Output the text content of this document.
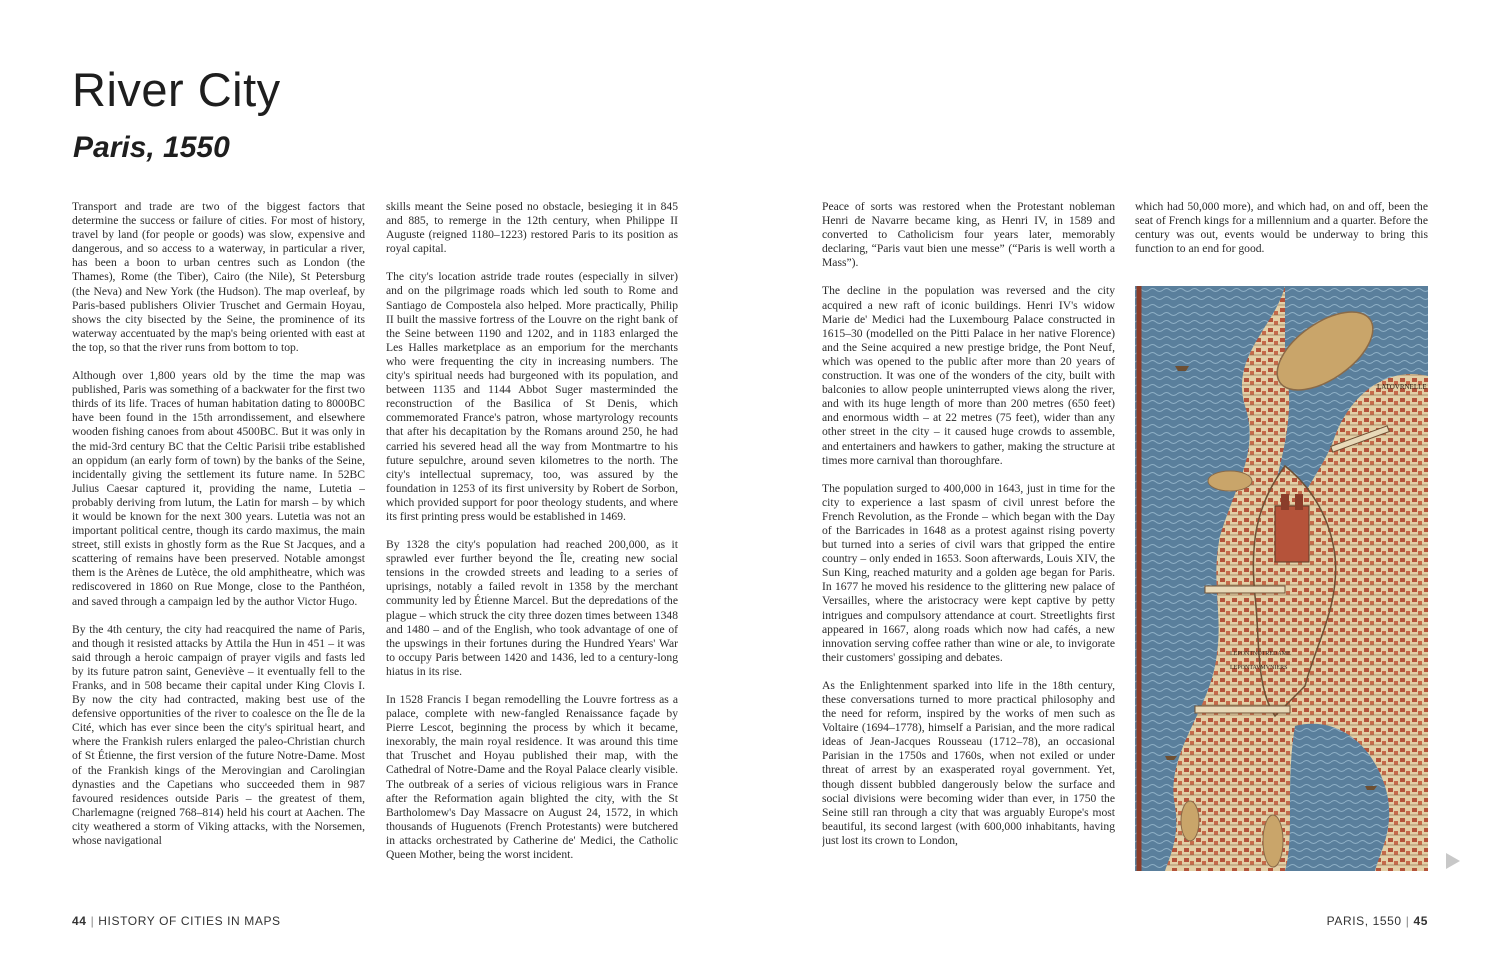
River City
Paris, 1550

Transport and trade are two of the biggest factors that determine the success or failure of cities. For most of history, travel by land (for people or goods) was slow, expensive and dangerous, and so access to a waterway, in particular a river, has been a boon to urban centres such as London (the Thames), Rome (the Tiber), Cairo (the Nile), St Petersburg (the Neva) and New York (the Hudson). The map overleaf, by Paris-based publishers Olivier Truschet and Germain Hoyau, shows the city bisected by the Seine, the prominence of its waterway accentuated by the map's being oriented with east at the top, so that the river runs from bottom to top.

Although over 1,800 years old by the time the map was published, Paris was something of a backwater for the first two thirds of its life. Traces of human habitation dating to 8000BC have been found in the 15th arrondissement, and elsewhere wooden fishing canoes from about 4500BC. But it was only in the mid-3rd century BC that the Celtic Parisii tribe established an oppidum (an early form of town) by the banks of the Seine, incidentally giving the settlement its future name. In 52BC Julius Caesar captured it, providing the name, Lutetia – probably deriving from lutum, the Latin for marsh – by which it would be known for the next 300 years. Lutetia was not an important political centre, though its cardo maximus, the main street, still exists in ghostly form as the Rue St Jacques, and a scattering of remains have been preserved. Notable amongst them is the Arènes de Lutèce, the old amphitheatre, which was rediscovered in 1860 on Rue Monge, close to the Panthéon, and saved through a campaign led by the author Victor Hugo.

By the 4th century, the city had reacquired the name of Paris, and though it resisted attacks by Attila the Hun in 451 – it was said through a heroic campaign of prayer vigils and fasts led by its future patron saint, Geneviève – it eventually fell to the Franks, and in 508 became their capital under King Clovis I. By now the city had contracted, making best use of the defensive opportunities of the river to coalesce on the Île de la Cité, which has ever since been the city's spiritual heart, and where the Frankish rulers enlarged the paleo-Christian church of St Étienne, the first version of the future Notre-Dame. Most of the Frankish kings of the Merovingian and Carolingian dynasties and the Capetians who succeeded them in 987 favoured residences outside Paris – the greatest of them, Charlemagne (reigned 768–814) held his court at Aachen. The city weathered a storm of Viking attacks, with the Norsemen, whose navigational

skills meant the Seine posed no obstacle, besieging it in 845 and 885, to remerge in the 12th century, when Philippe II Auguste (reigned 1180–1223) restored Paris to its position as royal capital.

The city's location astride trade routes (especially in silver) and on the pilgrimage roads which led south to Rome and Santiago de Compostela also helped. More practically, Philip II built the massive fortress of the Louvre on the right bank of the Seine between 1190 and 1202, and in 1183 enlarged the Les Halles marketplace as an emporium for the merchants who were frequenting the city in increasing numbers. The city's spiritual needs had burgeoned with its population, and between 1135 and 1144 Abbot Suger masterminded the reconstruction of the Basilica of St Denis, which commemorated France's patron, whose martyrology recounts that after his decapitation by the Romans around 250, he had carried his severed head all the way from Montmartre to his future sepulchre, around seven kilometres to the north. The city's intellectual supremacy, too, was assured by the foundation in 1253 of its first university by Robert de Sorbon, which provided support for poor theology students, and where its first printing press would be established in 1469.

By 1328 the city's population had reached 200,000, as it sprawled ever further beyond the Île, creating new social tensions in the crowded streets and leading to a series of uprisings, notably a failed revolt in 1358 by the merchant community led by Étienne Marcel. But the depredations of the plague – which struck the city three dozen times between 1348 and 1480 – and of the English, who took advantage of one of the upswings in their fortunes during the Hundred Years' War to occupy Paris between 1420 and 1436, led to a century-long hiatus in its rise.

In 1528 Francis I began remodelling the Louvre fortress as a palace, complete with new-fangled Renaissance façade by Pierre Lescot, beginning the process by which it became, inexorably, the main royal residence. It was around this time that Truschet and Hoyau published their map, with the Cathedral of Notre-Dame and the Royal Palace clearly visible. The outbreak of a series of vicious religious wars in France after the Reformation again blighted the city, with the St Bartholomew's Day Massacre on August 24, 1572, in which thousands of Huguenots (French Protestants) were butchered in attacks orchestrated by Catherine de' Medici, the Catholic Queen Mother, being the worst incident.

Peace of sorts was restored when the Protestant nobleman Henri de Navarre became king, as Henri IV, in 1589 and converted to Catholicism four years later, memorably declaring, “Paris vaut bien une messe” (“Paris is well worth a Mass”).

The decline in the population was reversed and the city acquired a new raft of iconic buildings. Henri IV's widow Marie de' Medici had the Luxembourg Palace constructed in 1615–30 (modelled on the Pitti Palace in her native Florence) and the Seine acquired a new prestige bridge, the Pont Neuf, which was opened to the public after more than 20 years of construction. It was one of the wonders of the city, built with balconies to allow people uninterrupted views along the river, and with its huge length of more than 200 metres (650 feet) and enormous width – at 22 metres (75 feet), wider than any other street in the city – it caused huge crowds to assemble, and entertainers and hawkers to gather, making the structure at times more carnival than thoroughfare.

The population surged to 400,000 in 1643, just in time for the city to experience a last spasm of civil unrest before the French Revolution, as the Fronde – which began with the Day of the Barricades in 1648 as a protest against rising poverty but turned into a series of civil wars that gripped the entire country – only ended in 1653. Soon afterwards, Louis XIV, the Sun King, reached maturity and a golden age began for Paris. In 1677 he moved his residence to the glittering new palace of Versailles, where the aristocracy were kept captive by petty intrigues and compulsory attendance at court. Streetlights first appeared in 1667, along roads which now had cafés, a new innovation serving coffee rather than wine or ale, to invigorate their customers' gossiping and debates.

As the Enlightenment sparked into life in the 18th century, these conversations turned to more practical philosophy and the need for reform, inspired by the works of men such as Voltaire (1694–1778), himself a Parisian, and the more radical ideas of Jean-Jacques Rousseau (1712–78), an occasional Parisian in the 1750s and 1760s, when not exiled or under threat of arrest by an exasperated royal government. Yet, though dissent bubbled dangerously below the surface and social divisions were becoming wider than ever, in 1750 the Seine still ran through a city that was arguably Europe's most beautiful, its second largest (with 600,000 inhabitants, having just lost its crown to London,

which had 50,000 more), and which had, on and off, been the seat of French kings for a millennium and a quarter. Before the century was out, events would be underway to bring this function to an end for good.

LATOVRNELLE
LEPONTNOTREDAME
LEPONTAVMVNIERS
44 | HISTORY OF CITIES IN MAPS	PARIS, 1550 | 45
